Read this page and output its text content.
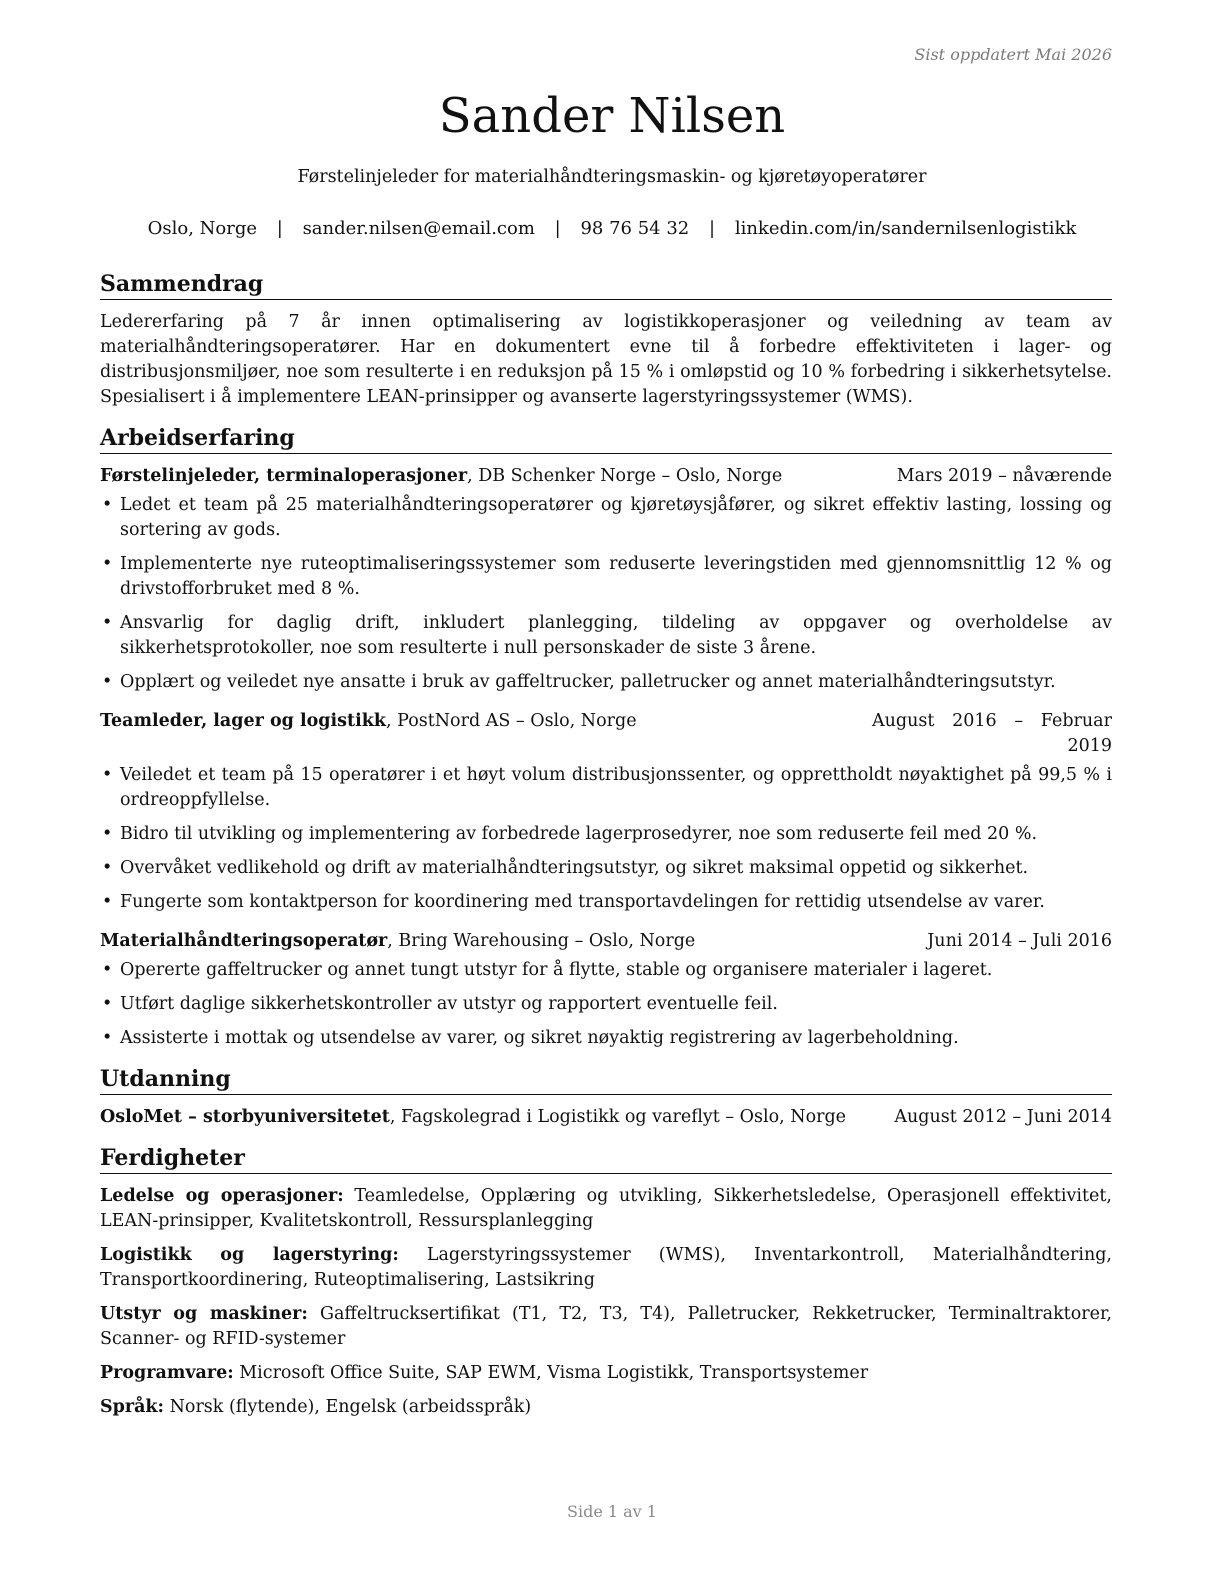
Sist oppdatert Mai 2026
Sander Nilsen
Førstelinjeleder for materialhåndteringsmaskin- og kjøretøyoperatører
Oslo, Norge | sander.nilsen@email.com | 98 76 54 32 | linkedin.com/in/sandernilsenlogistikk
Sammendrag
Ledererfaring på 7 år innen optimalisering av logistikkoperasjoner og veiledning av team av materialhåndteringsoperatører. Har en dokumentert evne til å forbedre effektiviteten i lager- og distribusjonsmiljøer, noe som resulterte i en reduksjon på 15 % i omløpstid og 10 % forbedring i sikkerhetsytelse. Spesialisert i å implementere LEAN-prinsipper og avanserte lagerstyringssystemer (WMS).
Arbeidserfaring
Førstelinjeleder, terminaloperasjoner, DB Schenker Norge – Oslo, Norge	Mars 2019 – nåværende
• Ledet et team på 25 materialhåndteringsoperatører og kjøretøysjåfører, og sikret effektiv lasting, lossing og sortering av gods.
• Implementerte nye ruteoptimaliseringssystemer som reduserte leveringstiden med gjennomsnittlig 12 % og drivstofforbruket med 8 %.
• Ansvarlig for daglig drift, inkludert planlegging, tildeling av oppgaver og overholdelse av sikkerhetsprotokoller, noe som resulterte i null personskader de siste 3 årene.
• Opplært og veiledet nye ansatte i bruk av gaffeltrucker, palletrucker og annet materialhåndteringsutstyr.
Teamleder, lager og logistikk, PostNord AS – Oslo, Norge	August 2016 – Februar 2019
• Veiledet et team på 15 operatører i et høyt volum distribusjonssenter, og opprettholdt nøyaktighet på 99,5 % i ordreoppfyllelse.
• Bidro til utvikling og implementering av forbedrede lagerprosedyrer, noe som reduserte feil med 20 %.
• Overvåket vedlikehold og drift av materialhåndteringsutstyr, og sikret maksimal oppetid og sikkerhet.
• Fungerte som kontaktperson for koordinering med transportavdelingen for rettidig utsendelse av varer.
Materialhåndteringsoperatør, Bring Warehousing – Oslo, Norge	Juni 2014 – Juli 2016
• Opererte gaffeltrucker og annet tungt utstyr for å flytte, stable og organisere materialer i lageret.
• Utført daglige sikkerhetskontroller av utstyr og rapportert eventuelle feil.
• Assisterte i mottak og utsendelse av varer, og sikret nøyaktig registrering av lagerbeholdning.
Utdanning
OsloMet – storbyuniversitetet, Fagskolegrad i Logistikk og vareflyt – Oslo, Norge	August 2012 – Juni 2014
Ferdigheter
Ledelse og operasjoner: Teamledelse, Opplæring og utvikling, Sikkerhetsledelse, Operasjonell effektivitet, LEAN-prinsipper, Kvalitetskontroll, Ressursplanlegging
Logistikk og lagerstyring: Lagerstyringssystemer (WMS), Inventarkontroll, Materialhåndtering, Transportkoordinering, Ruteoptimalisering, Lastsikring
Utstyr og maskiner: Gaffeltrucksertifikat (T1, T2, T3, T4), Palletrucker, Rekketrucker, Terminaltraktorer, Scanner- og RFID-systemer
Programvare: Microsoft Office Suite, SAP EWM, Visma Logistikk, Transportsystemer
Språk: Norsk (flytende), Engelsk (arbeidsspråk)
Side 1 av 1
